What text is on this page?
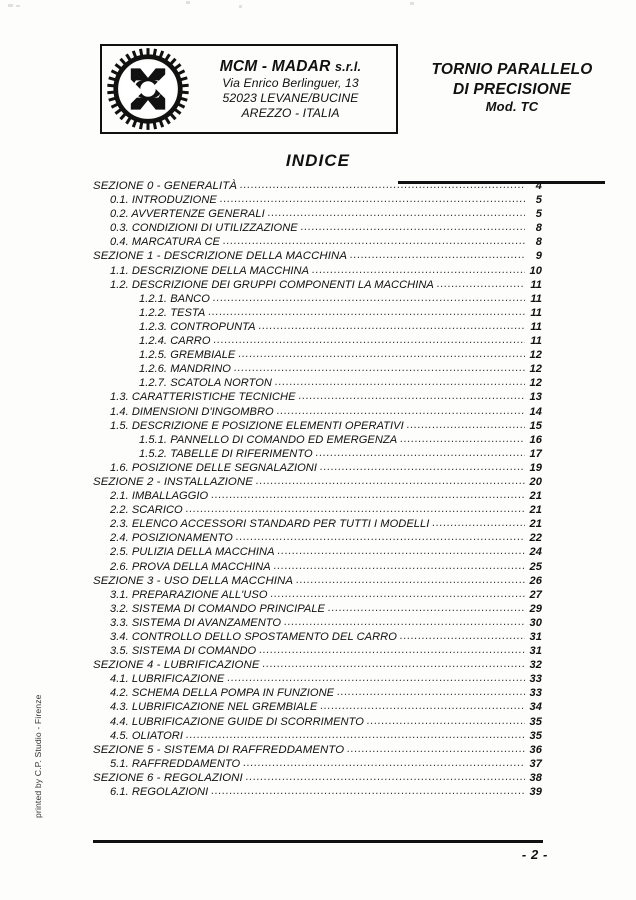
MCM - MADAR s.r.l.
Via Enrico Berlinguer, 13
52023 LEVANE/BUCINE
AREZZO - ITALIA
TORNIO PARALLELO
DI PRECISIONE
Mod. TC
INDICE
SEZIONE 0 - GENERALITÀ .....	4
0.1. INTRODUZIONE .....	5
0.2. AVVERTENZE GENERALI .....	5
0.3. CONDIZIONI DI UTILIZZAZIONE .....	8
0.4. MARCATURA CE .....	8
SEZIONE 1 - DESCRIZIONE DELLA MACCHINA .....	9
1.1. DESCRIZIONE DELLA MACCHINA .....	10
1.2. DESCRIZIONE DEI GRUPPI COMPONENTI LA MACCHINA .....	11
1.2.1. BANCO .....	11
1.2.2. TESTA .....	11
1.2.3. CONTROPUNTA .....	11
1.2.4. CARRO .....	11
1.2.5. GREMBIALE .....	12
1.2.6. MANDRINO .....	12
1.2.7. SCATOLA NORTON .....	12
1.3. CARATTERISTICHE TECNICHE .....	13
1.4. DIMENSIONI D'INGOMBRO .....	14
1.5. DESCRIZIONE E POSIZIONE ELEMENTI OPERATIVI .....	15
1.5.1. PANNELLO DI COMANDO ED EMERGENZA .....	16
1.5.2. TABELLE DI RIFERIMENTO .....	17
1.6. POSIZIONE DELLE SEGNALAZIONI .....	19
SEZIONE 2 - INSTALLAZIONE .....	20
2.1. IMBALLAGGIO .....	21
2.2. SCARICO .....	21
2.3. ELENCO ACCESSORI STANDARD PER TUTTI I MODELLI .....	21
2.4. POSIZIONAMENTO .....	22
2.5. PULIZIA DELLA MACCHINA .....	24
2.6. PROVA DELLA MACCHINA .....	25
SEZIONE 3 - USO DELLA MACCHINA .....	26
3.1. PREPARAZIONE ALL'USO .....	27
3.2. SISTEMA DI COMANDO PRINCIPALE .....	29
3.3. SISTEMA DI AVANZAMENTO .....	30
3.4. CONTROLLO DELLO SPOSTAMENTO DEL CARRO .....	31
3.5. SISTEMA DI COMANDO .....	31
SEZIONE 4 - LUBRIFICAZIONE .....	32
4.1. LUBRIFICAZIONE .....	33
4.2. SCHEMA DELLA POMPA IN FUNZIONE .....	33
4.3. LUBRIFICAZIONE NEL GREMBIALE .....	34
4.4. LUBRIFICAZIONE GUIDE DI SCORRIMENTO .....	35
4.5. OLIATORI .....	35
SEZIONE 5 - SISTEMA DI RAFFREDDAMENTO .....	36
5.1. RAFFREDDAMENTO .....	37
SEZIONE 6 - REGOLAZIONI .....	38
6.1. REGOLAZIONI .....	39
printed by C.P. Studio - Firenze
- 2 -
